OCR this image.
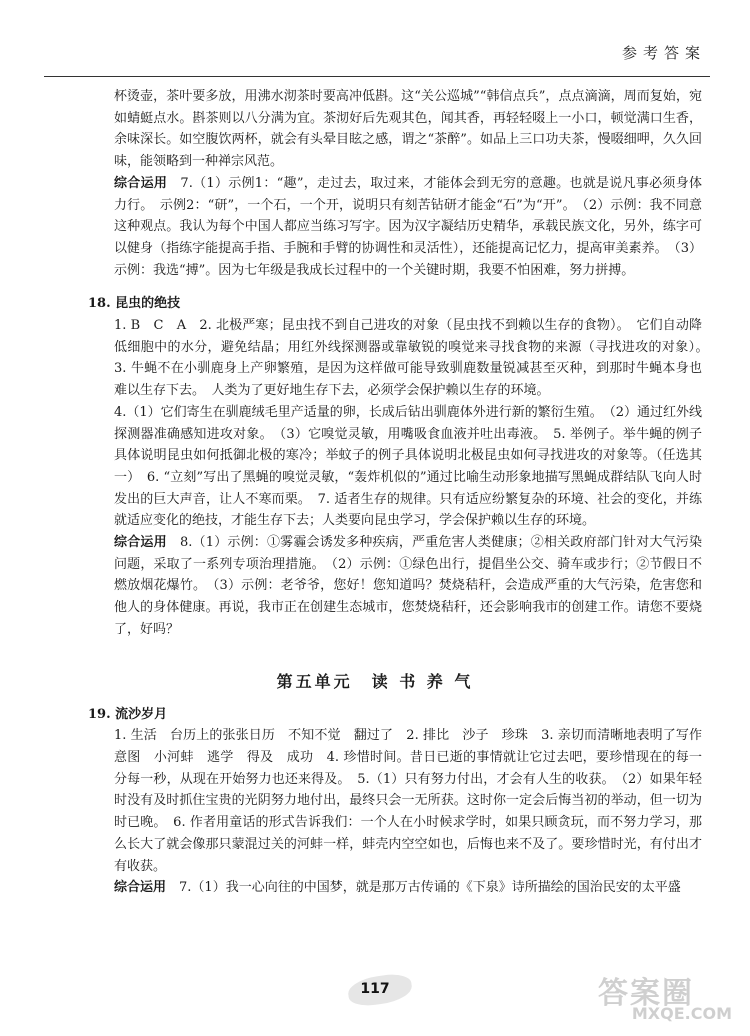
参考答案

杯烫壶，茶叶要多放，用沸水沏茶时要高冲低斟。这“关公巡城”“韩信点兵”，点点滴滴，周而复始，宛如蜻蜓点水。斟茶则以八分满为宜。茶沏好后先观其色，闻其香，再轻轻啜上一小口，顿觉满口生香，余味深长。如空腹饮两杯，就会有头晕目眩之感，谓之“茶醉”。如品上三口功夫茶，慢啜细呷，久久回味，能领略到一种禅宗风范。

综合运用　7.（1）示例1：“趣”，走过去，取过来，才能体会到无穷的意趣。也就是说凡事必须身体力行。　示例2：“研”，一个石，一个开，说明只有刻苦钻研才能金“石”为“开”。　（2）示例：我不同意这种观点。我认为每个中国人都应当练习写字。因为汉字凝结历史精华，承载民族文化，另外，练字可以健身（指练字能提高手指、手腕和手臂的协调性和灵活性），还能提高记忆力，提高审美素养。　（3）示例：我选“搏”。因为七年级是我成长过程中的一个关键时期，我要不怕困难，努力拼搏。

18. 昆虫的绝技

1. B　C　A　2. 北极严寒；昆虫找不到自己进攻的对象（昆虫找不到赖以生存的食物）。　它们自动降低细胞中的水分，避免结晶；用红外线探测器或靠敏锐的嗅觉来寻找食物的来源（寻找进攻的对象）。　3. 牛蝇不在小驯鹿身上产卵繁殖，是因为这样做可能导致驯鹿数量锐减甚至灭种，到那时牛蝇本身也难以生存下去。　人类为了更好地生存下去，必须学会保护赖以生存的环境。

4.（1）它们寄生在驯鹿绒毛里产适量的卵，长成后钻出驯鹿体外进行新的繁衍生殖。　（2）通过红外线探测器准确感知进攻对象。　（3）它嗅觉灵敏，用嘴吸食血液并吐出毒液。　5. 举例子。举牛蝇的例子具体说明昆虫如何抵御北极的寒冷；举蚊子的例子具体说明北极昆虫如何寻找进攻的对象等。（任选其一）　6. “立刻”写出了黑蝇的嗅觉灵敏，“轰炸机似的”通过比喻生动形象地描写黑蝇成群结队飞向人时发出的巨大声音，让人不寒而栗。　7. 适者生存的规律。只有适应纷繁复杂的环境、社会的变化，并练就适应变化的绝技，才能生存下去；人类要向昆虫学习，学会保护赖以生存的环境。

综合运用　8.（1）示例：①雾霾会诱发多种疾病，严重危害人类健康；②相关政府部门针对大气污染问题，采取了一系列专项治理措施。　（2）示例：①绿色出行，提倡坐公交、骑车或步行；②节假日不燃放烟花爆竹。　（3）示例：老爷爷，您好！您知道吗？焚烧秸秆，会造成严重的大气污染，危害您和他人的身体健康。再说，我市正在创建生态城市，您焚烧秸秆，还会影响我市的创建工作。请您不要烧了，好吗？

第五单元　读 书 养 气
19. 流沙岁月

1. 生活　台历上的张张日历　不知不觉　翻过了　2. 排比　沙子　珍珠　3. 亲切而清晰地表明了写作意图　小河蚌　逃学　得及　成功　4. 珍惜时间。昔日已逝的事情就让它过去吧，要珍惜现在的每一分每一秒，从现在开始努力也还来得及。　5.（1）只有努力付出，才会有人生的收获。　（2）如果年轻时没有及时抓住宝贵的光阴努力地付出，最终只会一无所获。这时你一定会后悔当初的举动，但一切为时已晚。　6. 作者用童话的形式告诉我们：一个人在小时候求学时，如果只顾贪玩，而不努力学习，那么长大了就会像那只蒙混过关的河蚌一样，蚌壳内空空如也，后悔也来不及了。要珍惜时光，有付出才有收获。

综合运用　7.（1）我一心向往的中国梦，就是那万古传诵的《下泉》诗所描绘的国治民安的太平盛

117	答案圈
MXQE.COM
